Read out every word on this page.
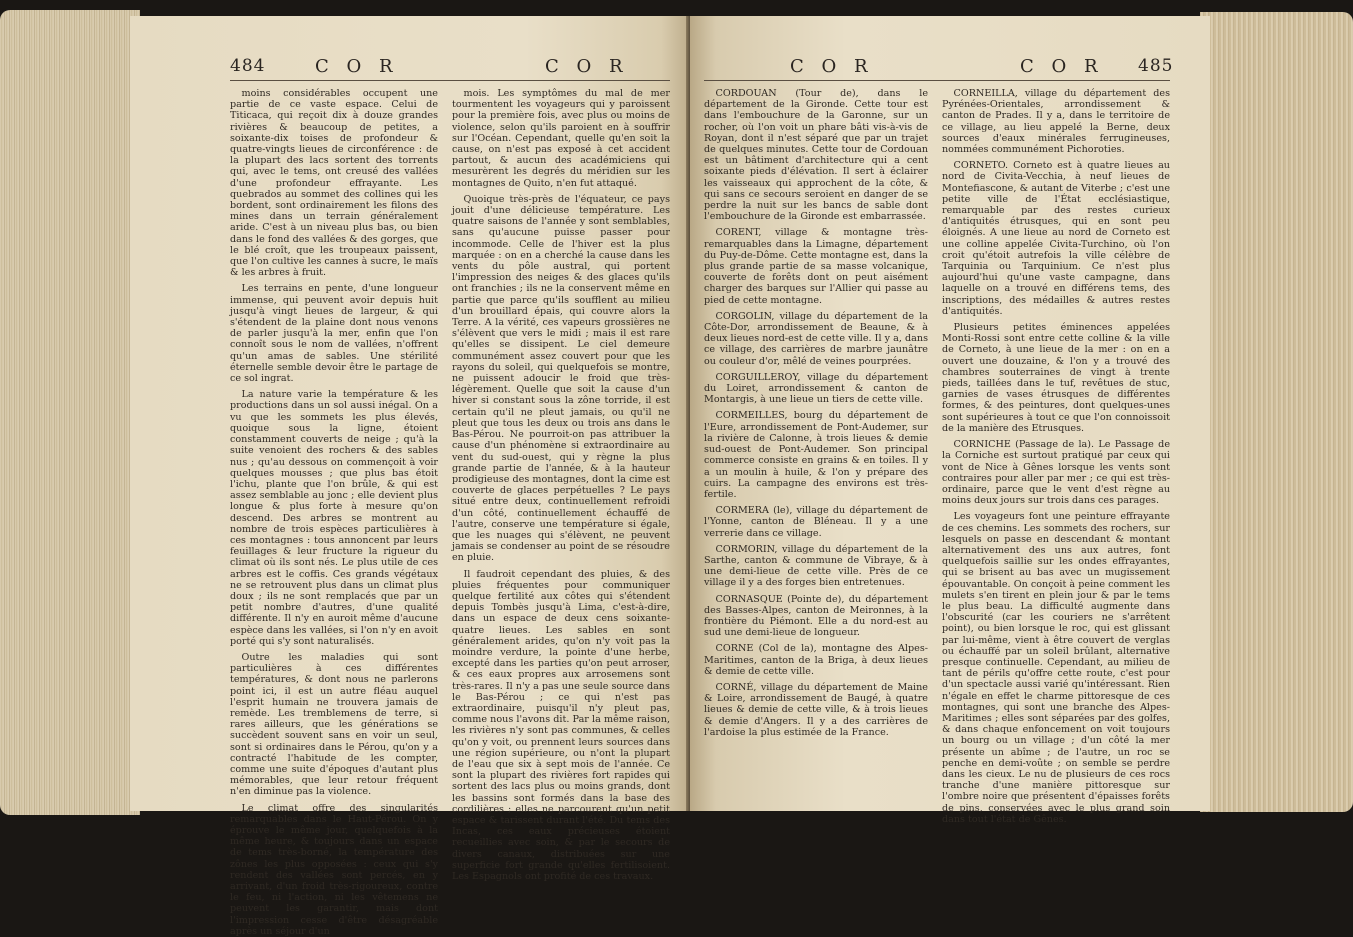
484	C O R	C O R

moins considérables occupent une partie de ce vaste espace. Celui de Titicaca, qui reçoit dix à douze grandes rivières & beaucoup de petites, a soixante-dix toises de profondeur & quatre-vingts lieues de circonférence : de la plupart des lacs sortent des torrents qui, avec le tems, ont creusé des vallées d'une profondeur effrayante. Les quebrados au sommet des collines qui les bordent, sont ordinairement les filons des mines dans un terrain généralement aride. C'est à un niveau plus bas, ou bien dans le fond des vallées & des gorges, que le blé croît, que les troupeaux paissent, que l'on cultive les cannes à sucre, le maïs & les arbres à fruit.

Les terrains en pente, d'une longueur immense, qui peuvent avoir depuis huit jusqu'à vingt lieues de largeur, & qui s'étendent de la plaine dont nous venons de parler jusqu'à la mer, enfin que l'on connoît sous le nom de vallées, n'offrent qu'un amas de sables. Une stérilité éternelle semble devoir être le partage de ce sol ingrat.

La nature varie la température & les productions dans un sol aussi inégal. On a vu que les sommets les plus élevés, quoique sous la ligne, étoient constamment couverts de neige ; qu'à la suite venoient des rochers & des sables nus ; qu'au dessous on commençoit à voir quelques mousses ; que plus bas étoit l'ichu, plante que l'on brûle, & qui est assez semblable au jonc ; elle devient plus longue & plus forte à mesure qu'on descend. Des arbres se montrent au nombre de trois espèces particulières à ces montagnes : tous annoncent par leurs feuillages & leur fructure la rigueur du climat où ils sont nés. Le plus utile de ces arbres est le coffis. Ces grands végétaux ne se retrouvent plus dans un climat plus doux ; ils ne sont remplacés que par un petit nombre d'autres, d'une qualité différente. Il n'y en auroit même d'aucune espèce dans les vallées, si l'on n'y en avoit porté qui s'y sont naturalisés.

Outre les maladies qui sont particulières à ces différentes températures, & dont nous ne parlerons point ici, il est un autre fléau auquel l'esprit humain ne trouvera jamais de remède. Les tremblemens de terre, si rares ailleurs, que les générations se succèdent souvent sans en voir un seul, sont si ordinaires dans le Pérou, qu'on y a contracté l'habitude de les compter, comme une suite d'époques d'autant plus mémorables, que leur retour fréquent n'en diminue pas la violence.

Le climat offre des singularités remarquables dans le Haut-Pérou. On y éprouve le même jour, quelquefois à la même heure, & toujours dans un espace de tems très-borné, la température des zônes les plus opposées : ceux qui s'y rendent des vallées sont percés, en y arrivant, d'un froid très-rigoureux, contre le feu, ni l'action, ni les vêtemens ne peuvent les garantir, mais dont l'impression cesse d'être désagréable après un séjour d'un

mois. Les symptômes du mal de mer tourmentent les voyageurs qui y paroissent pour la première fois, avec plus ou moins de violence, selon qu'ils paroient en à souffrir sur l'Océan. Cependant, quelle qu'en soit la cause, on n'est pas exposé à cet accident partout, & aucun des académiciens qui mesurèrent les degrés du méridien sur les montagnes de Quito, n'en fut attaqué.

Quoique très-près de l'équateur, ce pays jouit d'une délicieuse température. Les quatre saisons de l'année y sont semblables, sans qu'aucune puisse passer pour incommode. Celle de l'hiver est la plus marquée : on en a cherché la cause dans les vents du pôle austral, qui portent l'impression des neiges & des glaces qu'ils ont franchies ; ils ne la conservent même en partie que parce qu'ils soufflent au milieu d'un brouillard épais, qui couvre alors la Terre. A la vérité, ces vapeurs grossières ne s'élèvent que vers le midi ; mais il est rare qu'elles se dissipent. Le ciel demeure communément assez couvert pour que les rayons du soleil, qui quelquefois se montre, ne puissent adoucir le froid que très-légèrement. Quelle que soit la cause d'un hiver si constant sous la zône torride, il est certain qu'il ne pleut jamais, ou qu'il ne pleut que tous les deux ou trois ans dans le Bas-Pérou. Ne pourroit-on pas attribuer la cause d'un phénomène si extraordinaire au vent du sud-ouest, qui y règne la plus grande partie de l'année, & à la hauteur prodigieuse des montagnes, dont la cime est couverte de glaces perpétuelles ? Le pays situé entre deux, continuellement refroidi d'un côté, continuellement échauffé de l'autre, conserve une température si égale, que les nuages qui s'élèvent, ne peuvent jamais se condenser au point de se résoudre en pluie.

Il faudroit cependant des pluies, & des pluies fréquentes pour communiquer quelque fertilité aux côtes qui s'étendent depuis Tombès jusqu'à Lima, c'est-à-dire, dans un espace de deux cens soixante-quatre lieues. Les sables en sont généralement arides, qu'on n'y voit pas la moindre verdure, la pointe d'une herbe, excepté dans les parties qu'on peut arroser, & ces eaux propres aux arrosemens sont très-rares. Il n'y a pas une seule source dans le Bas-Pérou ; ce qui n'est pas extraordinaire, puisqu'il n'y pleut pas, comme nous l'avons dit. Par la même raison, les rivières n'y sont pas communes, & celles qu'on y voit, ou prennent leurs sources dans une région supérieure, ou n'ont la plupart de l'eau que six à sept mois de l'année. Ce sont la plupart des rivières fort rapides qui sortent des lacs plus ou moins grands, dont les bassins sont formés dans la base des cordilières ; elles ne parcourent qu'un petit espace & tarissent durant l'été. Du tems des Incas, ces eaux précieuses étoient recueillies avec soin, & par le secours de divers canaux, distribuées sur une superficie fort grande qu'elles fertilisoient. Les Espagnols ont profité de ces travaux.

C O R	C O R 485

CORDOUAN (Tour de), dans le département de la Gironde. Cette tour est dans l'embouchure de la Garonne, sur un rocher, où l'on voit un phare bâti vis-à-vis de Royan, dont il n'est séparé que par un trajet de quelques minutes. Cette tour de Cordouan est un bâtiment d'architecture qui a cent soixante pieds d'élévation. Il sert à éclairer les vaisseaux qui approchent de la côte, & qui sans ce secours seroient en danger de se perdre la nuit sur les bancs de sable dont l'embouchure de la Gironde est embarrassée.

CORENT, village & montagne très-remarquables dans la Limagne, département du Puy-de-Dôme. Cette montagne est, dans la plus grande partie de sa masse volcanique, couverte de forêts dont on peut aisément charger des barques sur l'Allier qui passe au pied de cette montagne.

CORGOLIN, village du département de la Côte-Dor, arrondissement de Beaune, & à deux lieues nord-est de cette ville. Il y a, dans ce village, des carrières de marbre jaunâtre ou couleur d'or, mêlé de veines pourprées.

CORGUILLEROY, village du département du Loiret, arrondissement & canton de Montargis, à une lieue un tiers de cette ville.

CORMEILLES, bourg du département de l'Eure, arrondissement de Pont-Audemer, sur la rivière de Calonne, à trois lieues & demie sud-ouest de Pont-Audemer. Son principal commerce consiste en grains & en toiles. Il y a un moulin à huile, & l'on y prépare des cuirs. La campagne des environs est très-fertile.

CORMERA (le), village du département de l'Yonne, canton de Bléneau. Il y a une verrerie dans ce village.

CORMORIN, village du département de la Sarthe, canton & commune de Vibraye, & à une demi-lieue de cette ville. Près de ce village il y a des forges bien entretenues.

CORNASQUE (Pointe de), du département des Basses-Alpes, canton de Meironnes, à la frontière du Piémont. Elle a du nord-est au sud une demi-lieue de longueur.

CORNE (Col de la), montagne des Alpes-Maritimes, canton de la Briga, à deux lieues & demie de cette ville.

CORNÉ, village du département de Maine & Loire, arrondissement de Baugé, à quatre lieues & demie de cette ville, & à trois lieues & demie d'Angers. Il y a des carrières de l'ardoise la plus estimée de la France.

CORNEILLA, village du département des Pyrénées-Orientales, arrondissement & canton de Prades. Il y a, dans le territoire de ce village, au lieu appelé la Berne, deux sources d'eaux minérales ferrugineuses, nommées communément Pichoroties.

CORNETO. Corneto est à quatre lieues au nord de Civita-Vecchia, à neuf lieues de Montefiascone, & autant de Viterbe ; c'est une petite ville de l'État ecclésiastique, remarquable par des restes curieux d'antiquités étrusques, qui en sont peu éloignés. A une lieue au nord de Corneto est une colline appelée Civita-Turchino, où l'on croit qu'étoit autrefois la ville célèbre de Tarquinia ou Tarquinium. Ce n'est plus aujourd'hui qu'une vaste campagne, dans laquelle on a trouvé en différens tems, des inscriptions, des médailles & autres restes d'antiquités.

Plusieurs petites éminences appelées Monti-Rossi sont entre cette colline & la ville de Corneto, à une lieue de la mer : on en a ouvert une douzaine, & l'on y a trouvé des chambres souterraines de vingt à trente pieds, taillées dans le tuf, revêtues de stuc, garnies de vases étrusques de différentes formes, & des peintures, dont quelques-unes sont supérieures à tout ce que l'on connoissoit de la manière des Etrusques.

CORNICHE (Passage de la). Le Passage de la Corniche est surtout pratiqué par ceux qui vont de Nice à Gênes lorsque les vents sont contraires pour aller par mer ; ce qui est très-ordinaire, parce que le vent d'est règne au moins deux jours sur trois dans ces parages.

Les voyageurs font une peinture effrayante de ces chemins. Les sommets des rochers, sur lesquels on passe en descendant & montant alternativement des uns aux autres, font quelquefois saillie sur les ondes effrayantes, qui se brisent au bas avec un mugissement épouvantable. On conçoit à peine comment les mulets s'en tirent en plein jour & par le tems le plus beau. La difficulté augmente dans l'obscurité (car les couriers ne s'arrêtent point), ou bien lorsque le roc, qui est glissant par lui-même, vient à être couvert de verglas ou échauffé par un soleil brûlant, alternative presque continuelle. Cependant, au milieu de tant de périls qu'offre cette route, c'est pour d'un spectacle aussi varié qu'intéressant. Rien n'égale en effet le charme pittoresque de ces montagnes, qui sont une branche des Alpes-Maritimes ; elles sont séparées par des golfes, & dans chaque enfoncement on voit toujours un bourg ou un village ; d'un côté la mer présente un abîme ; de l'autre, un roc se penche en demi-voûte ; on semble se perdre dans les cieux. Le nu de plusieurs de ces rocs tranche d'une manière pittoresque sur l'ombre noire que présentent d'épaisses forêts de pins, conservées avec le plus grand soin dans tout l'état de Gênes.
